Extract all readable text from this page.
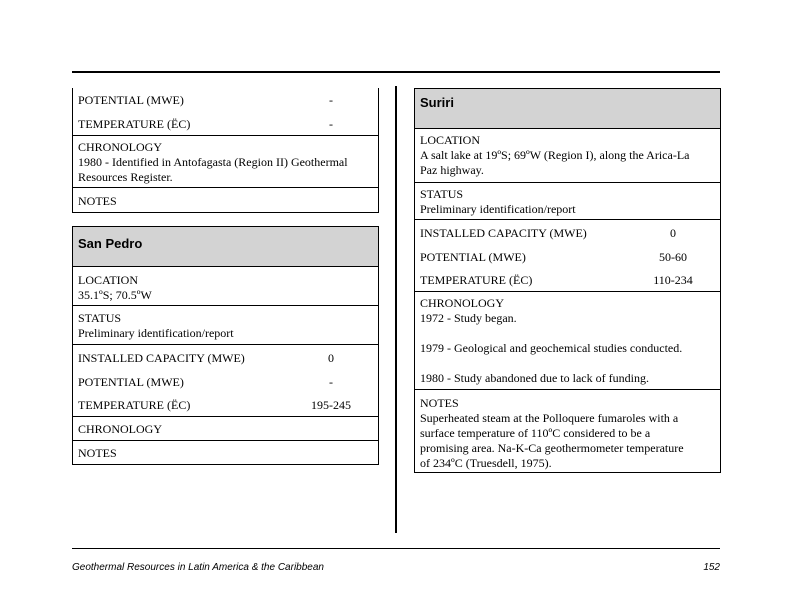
POTENTIAL (MWE)	-
TEMPERATURE (ЁC)	-
CHRONOLOGY
1980 - Identified in Antofagasta (Region II) Geothermal Resources Register.
NOTES
San Pedro
LOCATION
35.1ºS; 70.5ºW
STATUS
Preliminary identification/report
INSTALLED CAPACITY (MWE)	0
POTENTIAL (MWE)	-
TEMPERATURE (ЁC)	195-245
CHRONOLOGY
NOTES
Suriri
LOCATION
A salt lake at 19ºS; 69ºW (Region I), along the Arica-La
Paz highway.
STATUS
Preliminary identification/report
INSTALLED CAPACITY (MWE)	0
POTENTIAL (MWE)	50-60
TEMPERATURE (ЁC)	110-234
CHRONOLOGY
1972 - Study began.
1979 - Geological and geochemical studies conducted.
1980 - Study abandoned due to lack of funding.
NOTES
Superheated steam at the Polloquere fumaroles with a
surface temperature of 110ºC considered to be a
promising area. Na-K-Ca geothermometer temperature
of 234ºC (Truesdell, 1975).
Geothermal Resources in Latin America & the Caribbean	152
